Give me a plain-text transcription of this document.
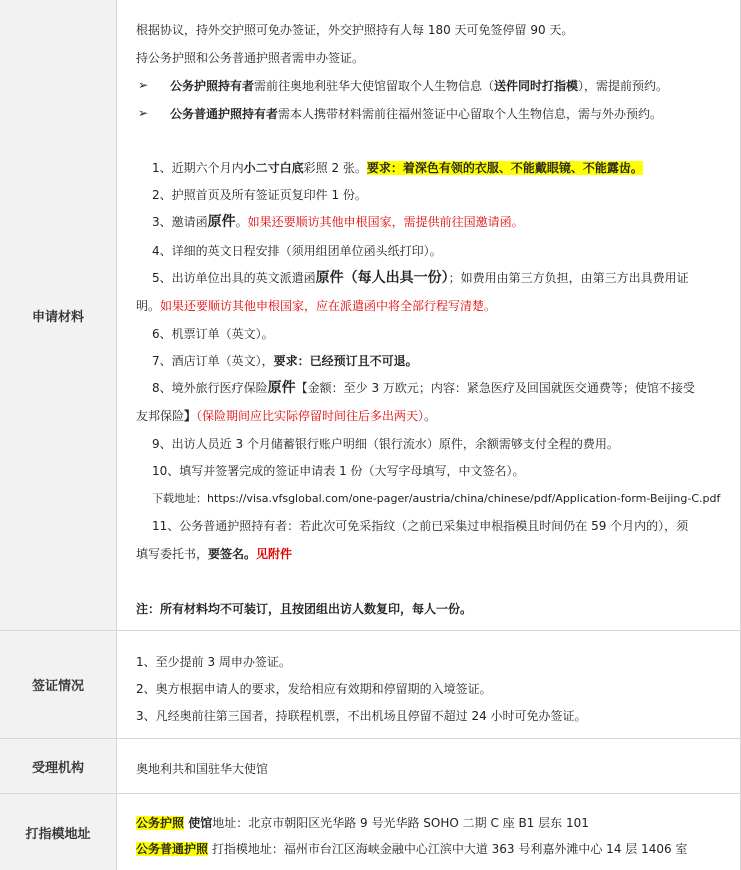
申请材料
签证情况
受理机构
打指模地址
根据协议，持外交护照可免办签证，外交护照持有人每 180 天可免签停留 90 天。
持公务护照和公务普通护照者需申办签证。
➢ 公务护照持有者需前往奥地利驻华大使馆留取个人生物信息（送件同时打指模），需提前预约。
➢ 公务普通护照持有者需本人携带材料需前往福州签证中心留取个人生物信息，需与外办预约。
1、近期六个月内小二寸白底彩照 2 张。要求：着深色有领的衣服、不能戴眼镜、不能露齿。
2、护照首页及所有签证页复印件 1 份。
3、邀请函原件。如果还要顺访其他申根国家，需提供前往国邀请函。
4、详细的英文日程安排（须用组团单位函头纸打印）。
5、出访单位出具的英文派遣函原件（每人出具一份）；如费用由第三方负担，由第三方出具费用证
明。如果还要顺访其他申根国家，应在派遣函中将全部行程写清楚。
6、机票订单（英文）。
7、酒店订单（英文），要求：已经预订且不可退。
8、境外旅行医疗保险原件【金额：至少 3 万欧元；内容：紧急医疗及回国就医交通费等；使馆不接受
友邦保险】（保险期间应比实际停留时间往后多出两天）。
9、出访人员近 3 个月储蓄银行账户明细（银行流水）原件，余额需够支付全程的费用。
10、填写并签署完成的签证申请表 1 份（大写字母填写，中文签名）。
下载地址：https://visa.vfsglobal.com/one-pager/austria/china/chinese/pdf/Application-form-Beijing-C.pdf
11、公务普通护照持有者：若此次可免采指纹（之前已采集过申根指模且时间仍在 59 个月内的），须
填写委托书，要签名。见附件
注：所有材料均不可装订，且按团组出访人数复印，每人一份。
1、至少提前 3 周申办签证。
2、奥方根据申请人的要求，发给相应有效期和停留期的入境签证。
3、凡经奥前往第三国者，持联程机票，不出机场且停留不超过 24 小时可免办签证。
奥地利共和国驻华大使馆
公务护照 使馆地址：北京市朝阳区光华路 9 号光华路 SOHO 二期 C 座 B1 层东 101
公务普通护照 打指模地址：福州市台江区海峡金融中心江滨中大道 363 号利嘉外滩中心 14 层 1406 室
